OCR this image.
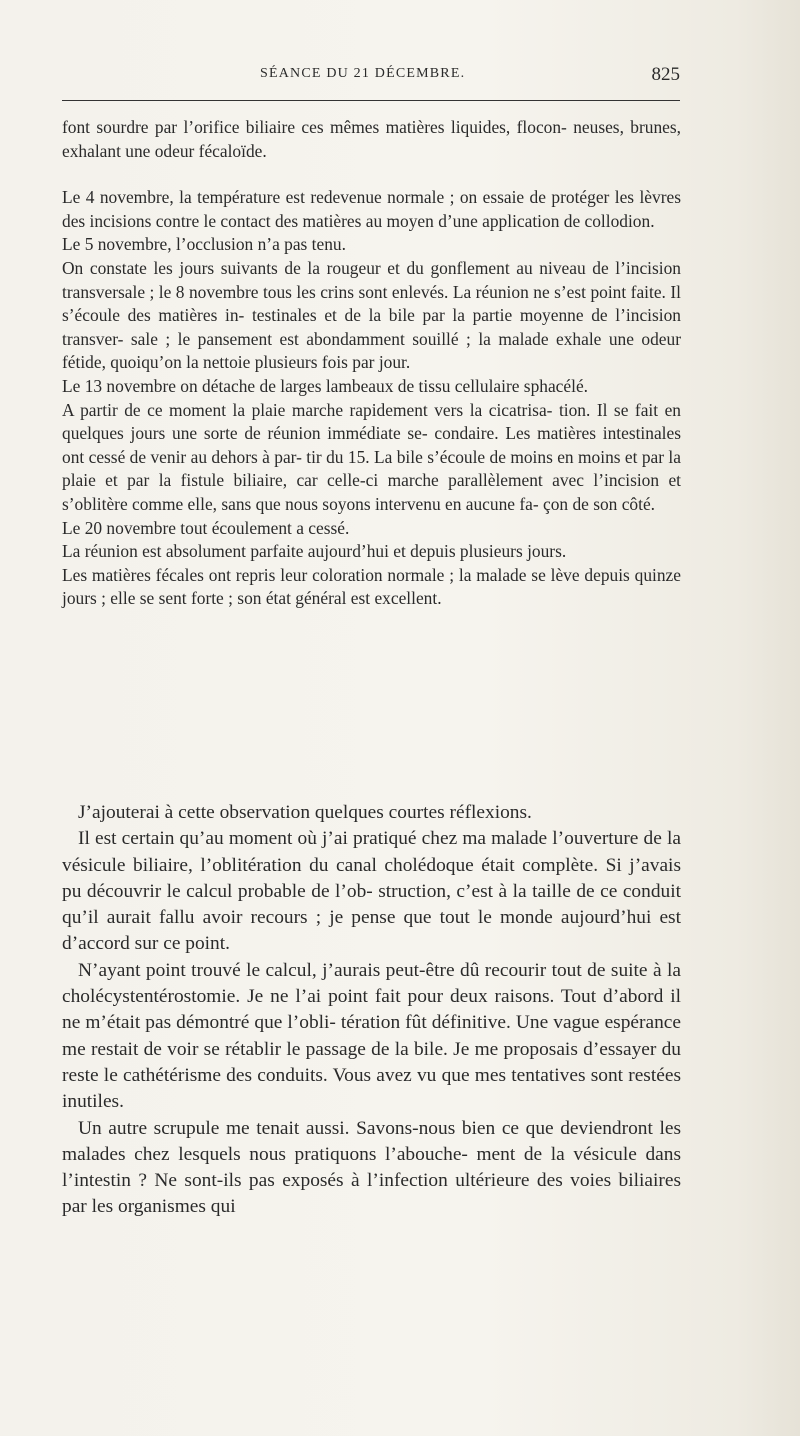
SÉANCE DU 21 DÉCEMBRE.	825

font sourdre par l’orifice biliaire ces mêmes matières liquides, flocon- neuses, brunes, exhalant une odeur fécaloïde.

Le 4 novembre, la température est redevenue normale ; on essaie de protéger les lèvres des incisions contre le contact des matières au moyen d’une application de collodion.

Le 5 novembre, l’occlusion n’a pas tenu.

On constate les jours suivants de la rougeur et du gonflement au niveau de l’incision transversale ; le 8 novembre tous les crins sont enlevés. La réunion ne s’est point faite. Il s’écoule des matières in- testinales et de la bile par la partie moyenne de l’incision transver- sale ; le pansement est abondamment souillé ; la malade exhale une odeur fétide, quoiqu’on la nettoie plusieurs fois par jour.

Le 13 novembre on détache de larges lambeaux de tissu cellulaire sphacélé.

A partir de ce moment la plaie marche rapidement vers la cicatrisa- tion. Il se fait en quelques jours une sorte de réunion immédiate se- condaire. Les matières intestinales ont cessé de venir au dehors à par- tir du 15. La bile s’écoule de moins en moins et par la plaie et par la fistule biliaire, car celle-ci marche parallèlement avec l’incision et s’oblitère comme elle, sans que nous soyons intervenu en aucune fa- çon de son côté.

Le 20 novembre tout écoulement a cessé.

La réunion est absolument parfaite aujourd’hui et depuis plusieurs jours.

Les matières fécales ont repris leur coloration normale ; la malade se lève depuis quinze jours ; elle se sent forte ; son état général est excellent.

J’ajouterai à cette observation quelques courtes réflexions.

Il est certain qu’au moment où j’ai pratiqué chez ma malade l’ouverture de la vésicule biliaire, l’oblitération du canal cholédoque était complète. Si j’avais pu découvrir le calcul probable de l’ob- struction, c’est à la taille de ce conduit qu’il aurait fallu avoir recours ; je pense que tout le monde aujourd’hui est d’accord sur ce point.

N’ayant point trouvé le calcul, j’aurais peut-être dû recourir tout de suite à la cholécystentérostomie. Je ne l’ai point fait pour deux raisons. Tout d’abord il ne m’était pas démontré que l’obli- tération fût définitive. Une vague espérance me restait de voir se rétablir le passage de la bile. Je me proposais d’essayer du reste le cathétérisme des conduits. Vous avez vu que mes tentatives sont restées inutiles.

Un autre scrupule me tenait aussi. Savons-nous bien ce que deviendront les malades chez lesquels nous pratiquons l’abouche- ment de la vésicule dans l’intestin ? Ne sont-ils pas exposés à l’infection ultérieure des voies biliaires par les organismes qui
